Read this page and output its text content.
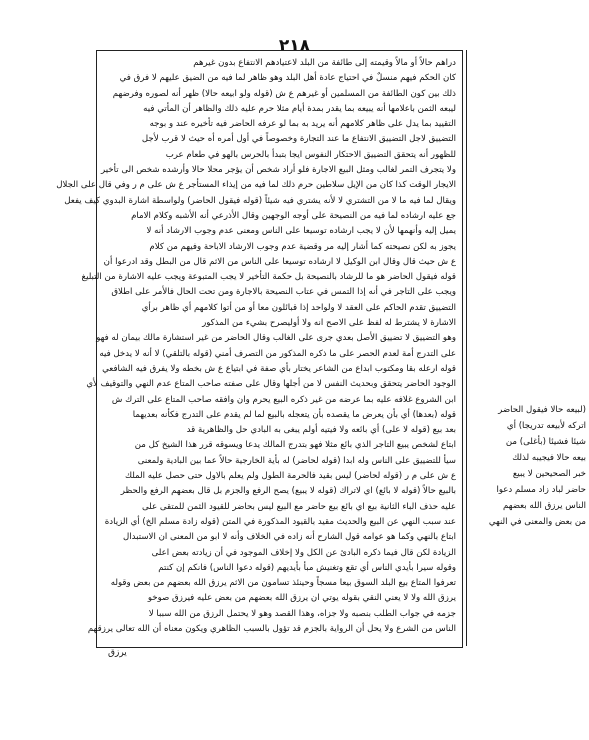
٢١٨
دراهم حالاً أو مالاً وقيمته إلى طائفة من البلد لاعتيادهم الانتفاع بدون غيرهم
كان الحكم فيهم منسلٌ في احتياج عادة أهل البلد وهو ظاهر لما فيه من الضيق عليهم لا فرق في
ذلك بين كون الطائفة من المسلمين أو غيرهم ع ش (قوله ولو ابيعه حالا) ظهر أنه لصوره وفرضهم
ليبعه الثمن باعلامها أنه يبيعه بما يقدر بمدة أيام مثلا حرم عليه ذلك والظاهر أن المأتي فيه
التقييد بما يدل على ظاهر كلامهم أنه يريد به بما لو عرفه الحاضر فيه تأخيره عند و بوجه
التضييق لاجل التضييق الانتفاع ما عند التجارة وخصوصاً في أول أمره أه حيث لا قرب لأجل
للظهور أنه يتحقق التضييق الاحتكار النفوس ايجا بتبدأ بالحرس بالهو في طعام عرب
ولا يتجرف التمر لغالب ومثل البيع الاجارة فلو أراد شخص أن يؤجر محلا حالا وأرشده شخص الى تأخير
الايجار الوقت كذا كان من الإيل سلاطين حرم ذلك لما فيه من إيذاء المستأجر ع ش على م ر وفي قال على الجلال
ويقال لما فيه ما لا من التشتري لا لأنه يشتري فيه شيئاً (قوله فيقول الحاضر) ولواسطة اشارة البدوي كيف يفعل
جع عليه ارشاده لما فيه من النصيحة على أوجه الوجهين وقال الأذرعي أنه الأشبه وكلام الامام
يميل إليه وأنهمها لأن لا يجب ارشاده توسيعا على الناس ومعنى عدم وجوب الارشاد أنه لا
يجوز به لكن نصيحته كما أشار إليه مر وقضية عدم وجوب الارشاد الاباحة وفيهم من كلام
ع ش حيث قال وقال ابن الوكيل لا ارشاده توسيعا على الناس من الاثم قال من البطل وقد ادرعوا أن
قوله فيقول الحاضر هو ما للرشاد بالنصيحة بل حكمة التأخير لا يجب المتبوعة ويجب عليه الاشارة من التبليغ
ويجب على التاجر في أنه إذا التمس في عتاب النصيحة بالاجارة ومن تحت الحال فالأمر على اطلاق
التضييق تقدم الحاكم على العقد لا ولواحد إذا قبائلون معا أو من أتوا كلامهم أي ظاهر برأي
الاشارة لا يشترط له لفظ على الاصح انه ولا أوليصرح بشيء من المذكور
وهو التضييق لا تضييق الأصل بعدي جرى على الغالب وقال الحاضر من غير استشارة مالك بيمان له فهو
على التدرج أمة لعدم الحصر على ما ذكره المذكور من التصرف أمني (قوله بالتلقي) لا أنه لا يدخل فيه
قوله ارعله بقا ومكتوب ابداع من الشاعر يختار بأي صفة في ابتياع ع ش بخطه ولا يفرق فيه الشافعي
الوجود الحاضر يتحقق وبحديث النفس لا من أجلها وقال على صفته صاحب المتاع عدم النهي والتوقيف لأي
ابن الشروع غلافه عليه بما عرضه من غير ذكره البيع يحرم وان وافقه صاحب المتاع على الترك ش
قوله (بعدها) أي بأن يعرض ما يقصده بأن يتعجله بالبيع لما لم يقدم على التدرج فكأنه بعديهما
بعد بيع (قوله لا على) أي بائعه ولا فيتيه أولم يبغى به البادي حل والظاهرية قد
ابتاع لشخص يبيع التاجر الذي بائع مثلا فهو بتدرج المالك يدعا ويسوقه قرر هذا الشيخ كل من
سيأ للتضييق على الناس وله ابدا (قوله لحاضر) له بأية الخارجية حالاً عما بين البادية ولمعنى
ع ش على م ر (قوله لحاضر) ليس بقيد فالحرمة الطول ولم يعلم بالاول حتى حصل عليه الملك
بالبيع حالاً (قوله لا بائع) اي لاتراك (قوله لا يبيع) يصح الرفع والجزم بل قال بعضهم الرفع والحظر
عليه حذف الباء الثانية بيع اي بائع بيع حاضر مع البيع ليس بحاضر للقيود الثمن للمتقى على
عند سبب النهي عن البيع والحديث مقيد بالقيود المذكورة في المتن (قوله زادة مسلم الخ) أي الزيادة
ابتاع بالنهي وكما هو عوامه قول الشارح أنه زاده في الخلاف وأنه لا ابو من المعنى ان الاستبدال
الزيادة لكن قال فيما ذكره البادئ عن الكل ولا إخلاف الموجود في أن زيادته بعض اعلى
وقوله سيرا بأيدي الناس أي تقع وتغنيش مبأ بأيديهم (قوله دعوا الناس) فانكم إن كنتم
تعرفوا المتاع بيع البلد السوق بيعا مسجاً وحينئذ تسامون من الاثم يرزق الله بعضهم من بعض وقوله
يرزق الله ولا لا يعني النقي بقوله يوتي ان يرزق الله بعضهم من بعض عليه فيرزق صوخو
جزمه في جواب الطلب بنصبه ولا جزاه، وهذا القصد وهو لا يحتمل الرزق من الله سببا لا
الناس من الشرع ولا يحل أن الرواية بالجزم قد تؤول بالسبب الظاهري ويكون معناه أن الله تعالى يرزقهم
(لبيعه حالا فيقول الحاضر
اتركه لأبيعه تدريجا) أي
شيئا فشيئا (بأغلى) من
بيعه حالا فيجيبه لذلك
خبر الصحيحين لا يبيع
حاضر لباد زاد مسلم دعوا
الناس يرزق الله بعضهم
من بعض والمعنى في النهي
يرزق
